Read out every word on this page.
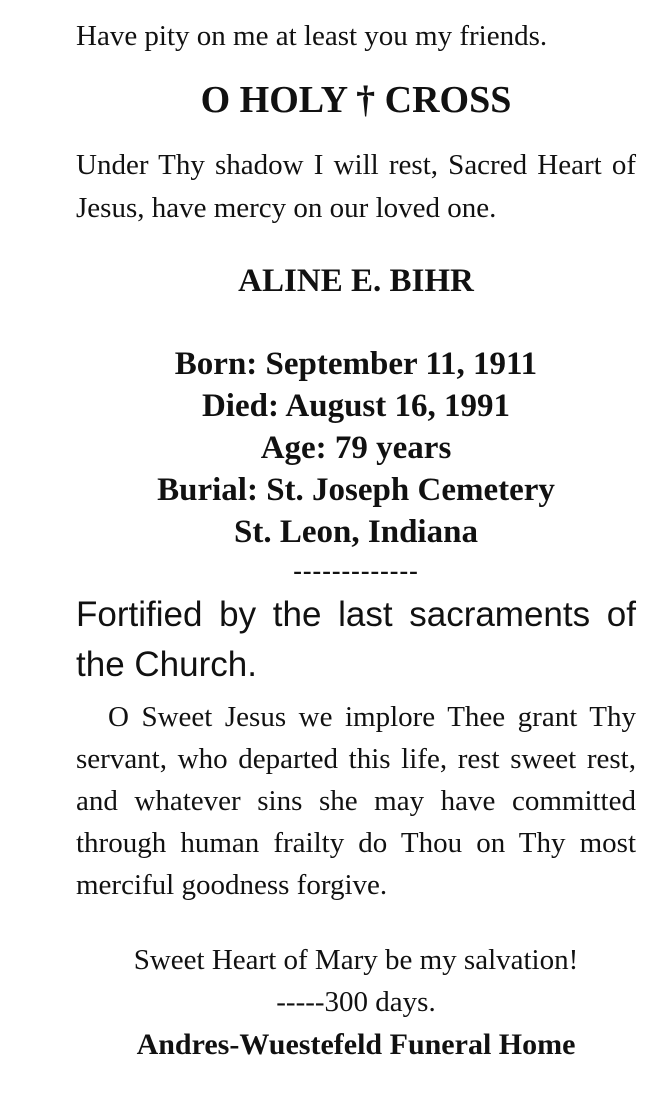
Have pity on me at least you my friends.
O HOLY † CROSS
Under Thy shadow I will rest, Sacred Heart of Jesus, have mercy on our loved one.
ALINE E. BIHR
Born: September 11, 1911
Died: August 16, 1991
Age: 79 years
Burial: St. Joseph Cemetery
St. Leon, Indiana
-------------
Fortified by the last sacraments of the Church.
O Sweet Jesus we implore Thee grant Thy servant, who departed this life, rest sweet rest, and whatever sins she may have committed through human frailty do Thou on Thy most merciful goodness forgive.
Sweet Heart of Mary be my salvation!
-----300 days.
Andres-Wuestefeld Funeral Home
